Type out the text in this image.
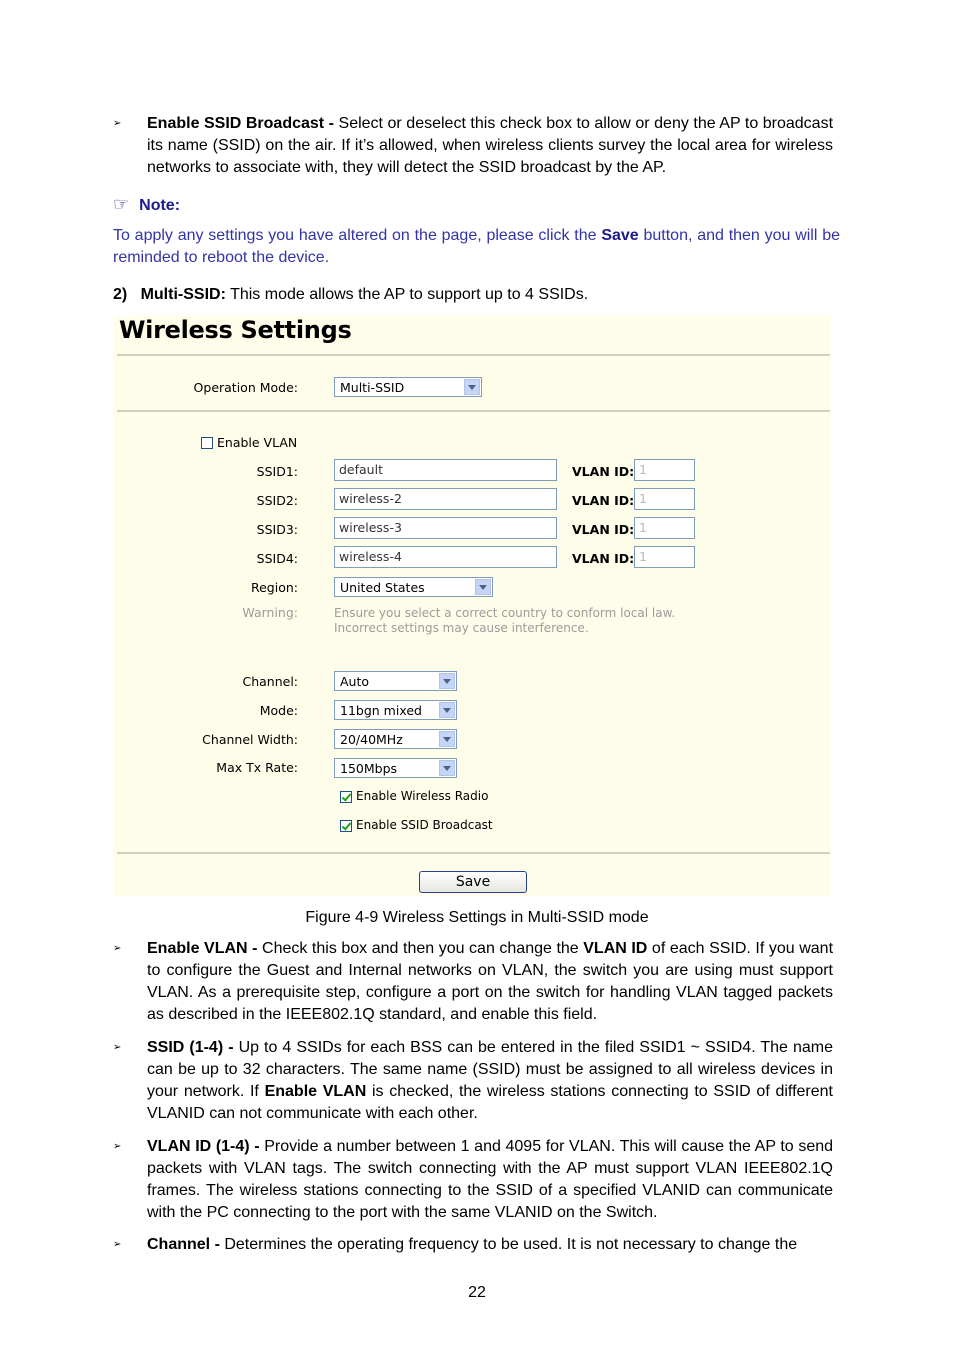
➢ Enable SSID Broadcast - Select or deselect this check box to allow or deny the AP to broadcast its name (SSID) on the air. If it’s allowed, when wireless clients survey the local area for wireless networks to associate with, they will detect the SSID broadcast by the AP.
☞ Note:
To apply any settings you have altered on the page, please click the Save button, and then you will be reminded to reboot the device.
2) Multi-SSID: This mode allows the AP to support up to 4 SSIDs.
Wireless Settings
Operation Mode:	Multi-SSID
Enable VLAN
SSID1:	default	VLAN ID: 1
SSID2:	wireless-2	VLAN ID: 1
SSID3:	wireless-3	VLAN ID: 1
SSID4:	wireless-4	VLAN ID: 1
Region:	United States
Warning:	Ensure you select a correct country to conform local law.
Incorrect settings may cause interference.
Channel:	Auto
Mode:	11bgn mixed
Channel Width:	20/40MHz
Max Tx Rate:	150Mbps
Enable Wireless Radio
Enable SSID Broadcast
Save
Figure 4-9 Wireless Settings in Multi-SSID mode
➢ Enable VLAN - Check this box and then you can change the VLAN ID of each SSID. If you want to configure the Guest and Internal networks on VLAN, the switch you are using must support VLAN. As a prerequisite step, configure a port on the switch for handling VLAN tagged packets as described in the IEEE802.1Q standard, and enable this field.
➢ SSID (1-4) - Up to 4 SSIDs for each BSS can be entered in the filed SSID1 ~ SSID4. The name can be up to 32 characters. The same name (SSID) must be assigned to all wireless devices in your network. If Enable VLAN is checked, the wireless stations connecting to SSID of different VLANID can not communicate with each other.
➢ VLAN ID (1-4) - Provide a number between 1 and 4095 for VLAN. This will cause the AP to send packets with VLAN tags. The switch connecting with the AP must support VLAN IEEE802.1Q frames. The wireless stations connecting to the SSID of a specified VLANID can communicate with the PC connecting to the port with the same VLANID on the Switch.
➢ Channel - Determines the operating frequency to be used. It is not necessary to change the
22
